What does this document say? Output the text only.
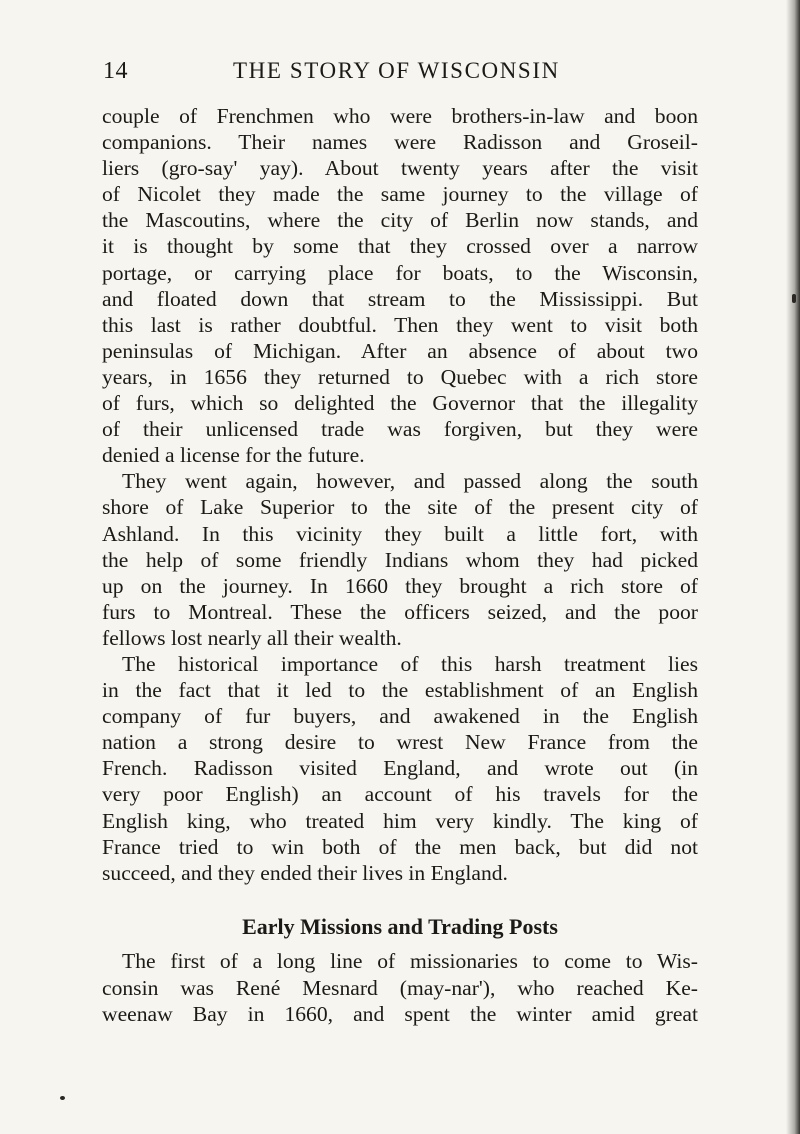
14	THE STORY OF WISCONSIN
couple of Frenchmen who were brothers-in-law and boon
companions. Their names were Radisson and Groseil-
liers (gro-say' yay). About twenty years after the visit
of Nicolet they made the same journey to the village of
the Mascoutins, where the city of Berlin now stands, and
it is thought by some that they crossed over a narrow
portage, or carrying place for boats, to the Wisconsin,
and floated down that stream to the Mississippi. But
this last is rather doubtful. Then they went to visit both
peninsulas of Michigan. After an absence of about two
years, in 1656 they returned to Quebec with a rich store
of furs, which so delighted the Governor that the illegality
of their unlicensed trade was forgiven, but they were
denied a license for the future.
They went again, however, and passed along the south
shore of Lake Superior to the site of the present city of
Ashland. In this vicinity they built a little fort, with
the help of some friendly Indians whom they had picked
up on the journey. In 1660 they brought a rich store of
furs to Montreal. These the officers seized, and the poor
fellows lost nearly all their wealth.
The historical importance of this harsh treatment lies
in the fact that it led to the establishment of an English
company of fur buyers, and awakened in the English
nation a strong desire to wrest New France from the
French. Radisson visited England, and wrote out (in
very poor English) an account of his travels for the
English king, who treated him very kindly. The king of
France tried to win both of the men back, but did not
succeed, and they ended their lives in England.
Early Missions and Trading Posts
The first of a long line of missionaries to come to Wis-
consin was René Mesnard (may-nar'), who reached Ke-
weenaw Bay in 1660, and spent the winter amid great
